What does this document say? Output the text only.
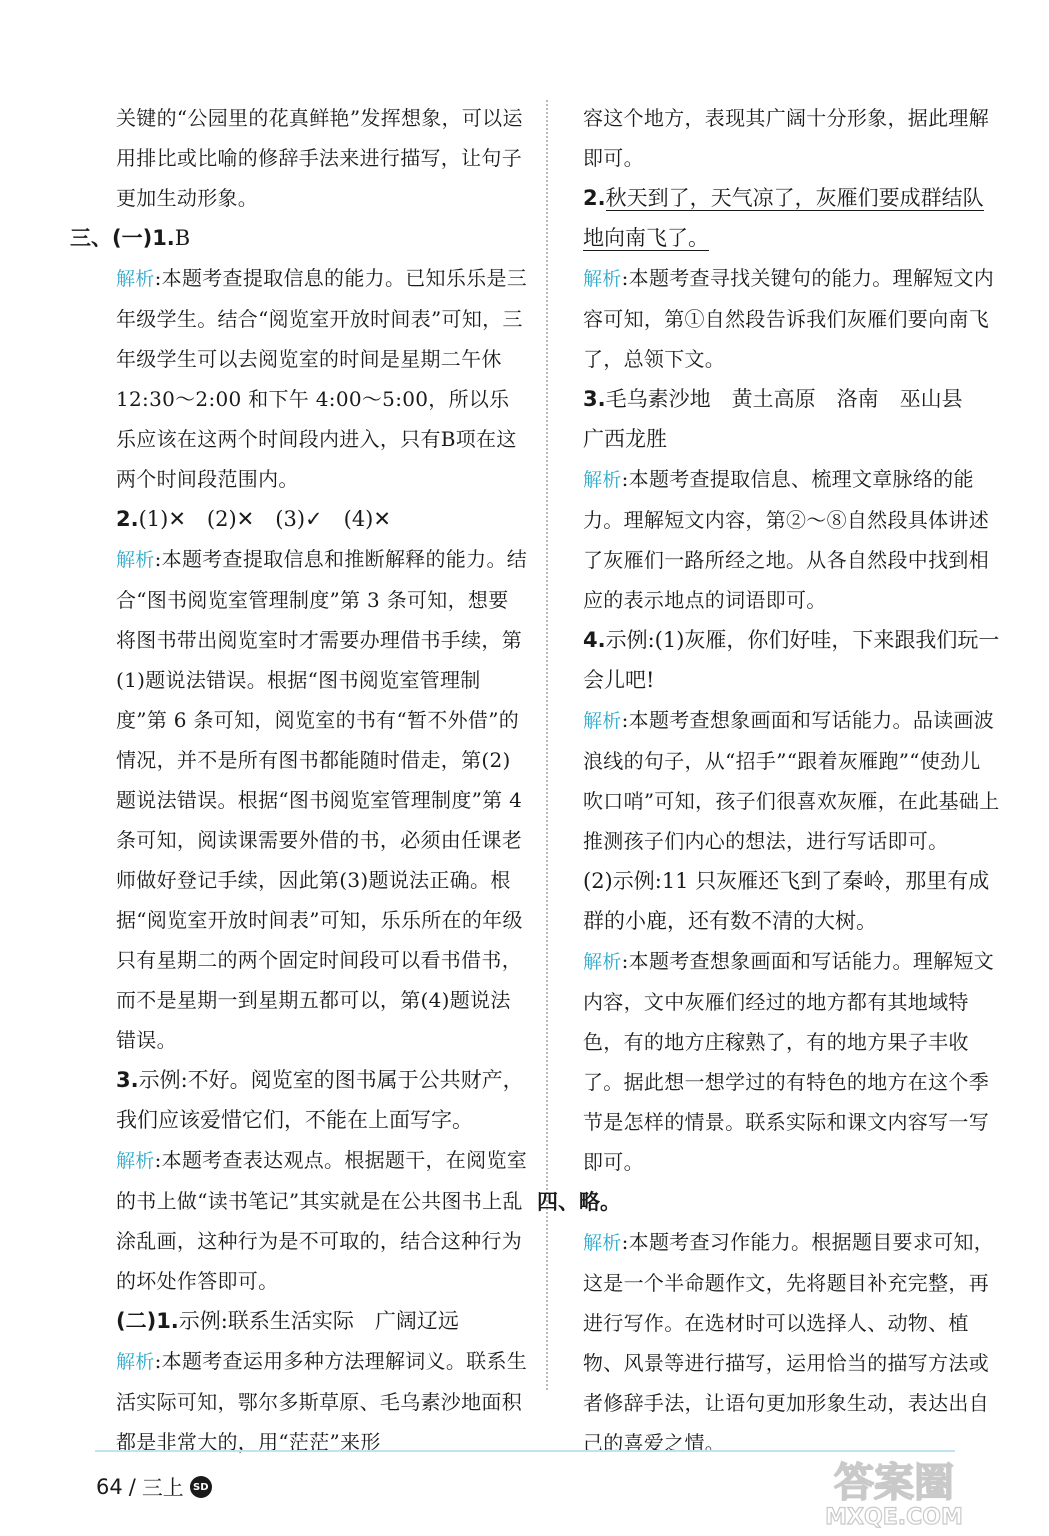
关键的“公园里的花真鲜艳”发挥想象，可以运用排比或比喻的修辞手法来进行描写，让句子更加生动形象。

三、(一)1.B

解析:本题考查提取信息的能力。已知乐乐是三年级学生。结合“阅览室开放时间表”可知，三年级学生可以去阅览室的时间是星期二午休 12:30～2:00 和下午 4:00～5:00，所以乐乐应该在这两个时间段内进入，只有B项在这两个时间段范围内。

2.(1)✕　(2)✕　(3)✓　(4)✕

解析:本题考查提取信息和推断解释的能力。结合“图书阅览室管理制度”第 3 条可知，想要将图书带出阅览室时才需要办理借书手续，第(1)题说法错误。根据“图书阅览室管理制度”第 6 条可知，阅览室的书有“暂不外借”的情况，并不是所有图书都能随时借走，第(2)题说法错误。根据“图书阅览室管理制度”第 4 条可知，阅读课需要外借的书，必须由任课老师做好登记手续，因此第(3)题说法正确。根据“阅览室开放时间表”可知，乐乐所在的年级只有星期二的两个固定时间段可以看书借书，而不是星期一到星期五都可以，第(4)题说法错误。

3.示例:不好。阅览室的图书属于公共财产，我们应该爱惜它们，不能在上面写字。

解析:本题考查表达观点。根据题干，在阅览室的书上做“读书笔记”其实就是在公共图书上乱涂乱画，这种行为是不可取的，结合这种行为的坏处作答即可。

(二)1.示例:联系生活实际　广阔辽远

解析:本题考查运用多种方法理解词义。联系生活实际可知，鄂尔多斯草原、毛乌素沙地面积都是非常大的，用“茫茫”来形

容这个地方，表现其广阔十分形象，据此理解即可。

2.秋天到了，天气凉了，灰雁们要成群结队地向南飞了。

解析:本题考查寻找关键句的能力。理解短文内容可知，第①自然段告诉我们灰雁们要向南飞了，总领下文。

3.毛乌素沙地　黄土高原　洛南　巫山县　广西龙胜

解析:本题考查提取信息、梳理文章脉络的能力。理解短文内容，第②～⑧自然段具体讲述了灰雁们一路所经之地。从各自然段中找到相应的表示地点的词语即可。

4.示例:(1)灰雁，你们好哇，下来跟我们玩一会儿吧!

解析:本题考查想象画面和写话能力。品读画波浪线的句子，从“招手”“跟着灰雁跑”“使劲儿吹口哨”可知，孩子们很喜欢灰雁，在此基础上推测孩子们内心的想法，进行写话即可。

(2)示例:11 只灰雁还飞到了秦岭，那里有成群的小鹿，还有数不清的大树。

解析:本题考查想象画面和写话能力。理解短文内容，文中灰雁们经过的地方都有其地域特色，有的地方庄稼熟了，有的地方果子丰收了。据此想一想学过的有特色的地方在这个季节是怎样的情景。联系实际和课文内容写一写即可。

四、略。

解析:本题考查习作能力。根据题目要求可知，这是一个半命题作文，先将题目补充完整，再进行写作。在选材时可以选择人、动物、植物、风景等进行描写，运用恰当的描写方法或者修辞手法，让语句更加形象生动，表达出自己的喜爱之情。

64 / 三上 SD	答案圈
MXQE.COM
